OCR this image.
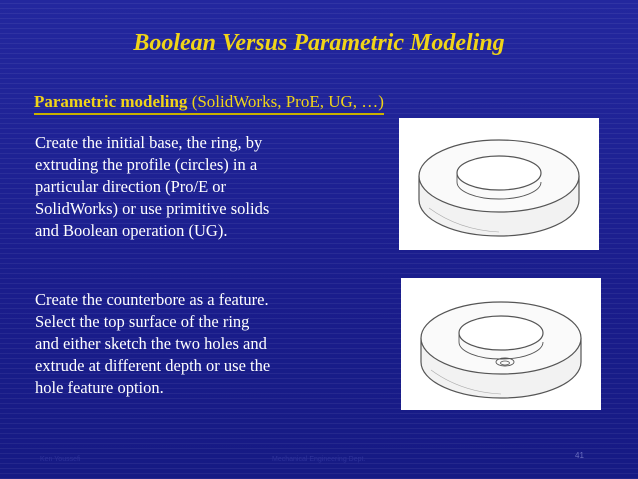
Boolean Versus Parametric Modeling
Parametric modeling (SolidWorks, ProE, UG, …)
Create the initial base, the ring, by
extruding the profile (circles) in a
particular direction (Pro/E or
SolidWorks) or use primitive solids
and Boolean operation (UG).
Create the counterbore as a feature.
Select the top surface of the ring
and either sketch the two holes and
extrude at different depth or use the
hole feature option.
Ken Youssefi	Mechanical Engineering Dept.	41
